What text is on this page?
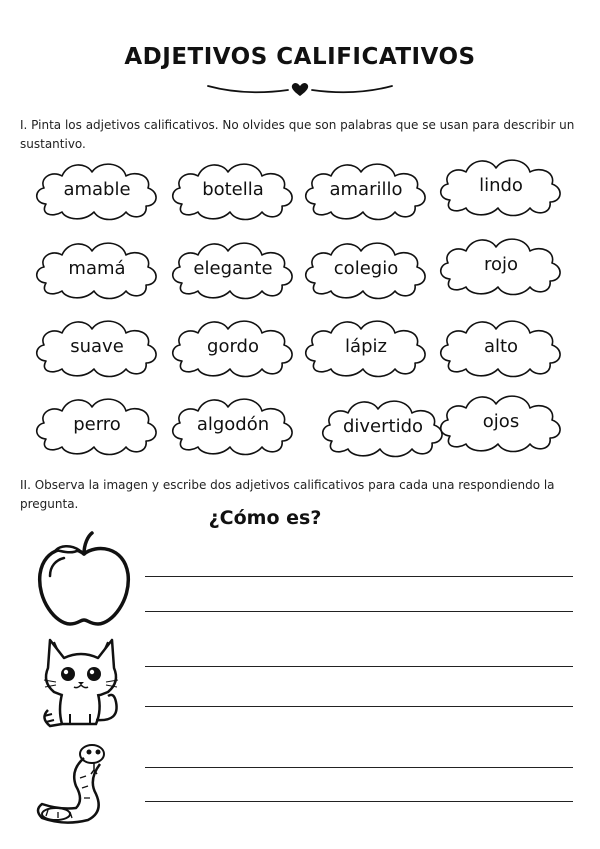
ADJETIVOS CALIFICATIVOS

I. Pinta los adjetivos calificativos. No olvides que son palabras que se usan para describir un sustantivo.

amable	botella	amarillo	lindo
mamá	elegante	colegio	rojo
suave	gordo	lápiz	alto
perro	algodón	divertido	ojos

II. Observa la imagen y escribe dos adjetivos calificativos para cada una respondiendo la pregunta.

¿Cómo es?
